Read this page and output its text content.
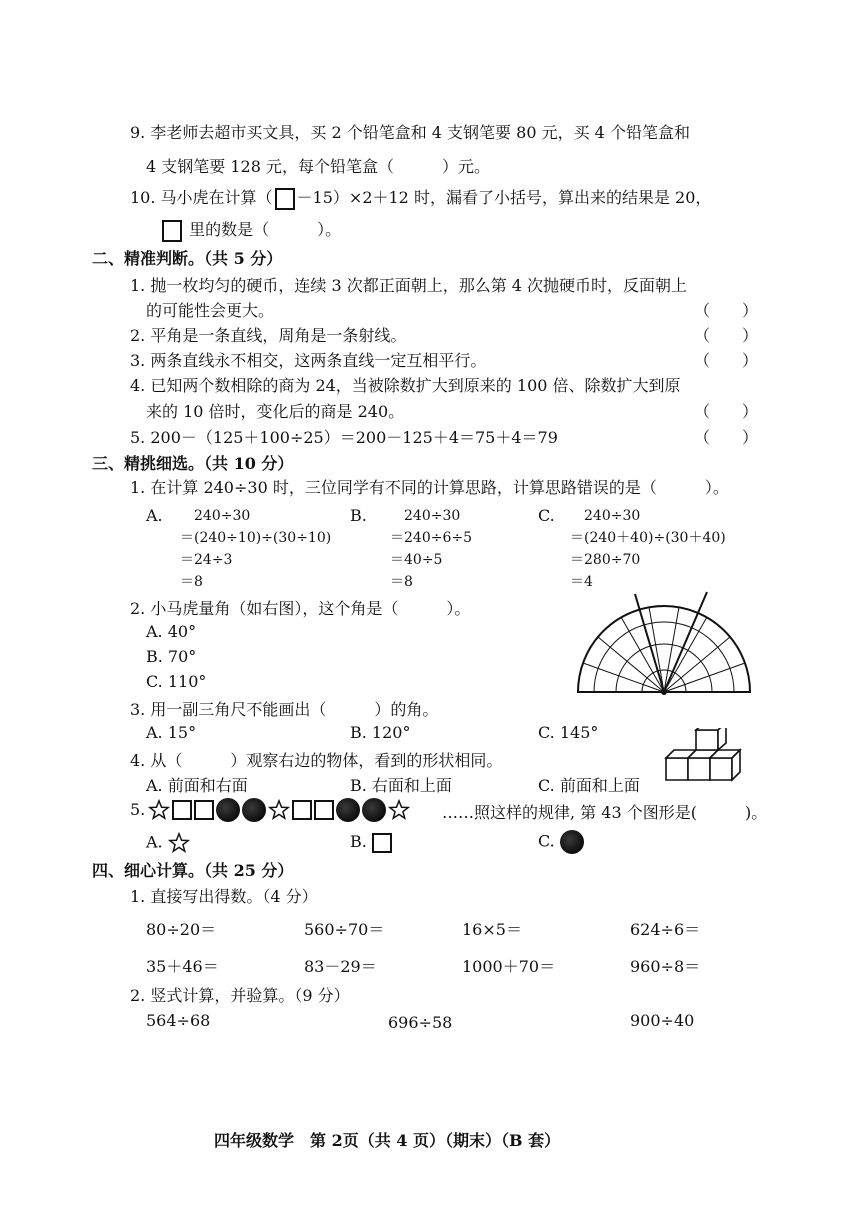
9. 李老师去超市买文具，买 2 个铅笔盒和 4 支钢笔要 80 元，买 4 个铅笔盒和
4 支钢笔要 128 元，每个铅笔盒（　　　）元。
10. 马小虎在计算（ －15）×2＋12 时，漏看了小括号，算出来的结果是 20，
里的数是（　　　）。
二、精准判断。（共 5 分）
1. 抛一枚均匀的硬币，连续 3 次都正面朝上，那么第 4 次抛硬币时，反面朝上
的可能性会更大。	（　　）
2. 平角是一条直线，周角是一条射线。	（　　）
3. 两条直线永不相交，这两条直线一定互相平行。	（　　）
4. 已知两个数相除的商为 24，当被除数扩大到原来的 100 倍、除数扩大到原
来的 10 倍时，变化后的商是 240。	（　　）
5. 200－（125＋100÷25）＝200－125＋4＝75＋4＝79	（　　）
三、精挑细选。（共 10 分）
1. 在计算 240÷30 时，三位同学有不同的计算思路，计算思路错误的是（　　　）。
A.	240÷30
＝(240÷10)÷(30÷10)
＝24÷3
＝8
B.	240÷30
＝240÷6÷5
＝40÷5
＝8
C.	240÷30
＝(240＋40)÷(30＋40)
＝280÷70
＝4
2. 小马虎量角（如右图），这个角是（　　　）。
A. 40°
B. 70°
C. 110°
3. 用一副三角尺不能画出（　　　）的角。
A. 15°	B. 120°	C. 145°
4. 从（　　　）观察右边的物体，看到的形状相同。
A. 前面和右面	B. 右面和上面	C. 前面和上面
5.	……照这样的规律, 第 43 个图形是(　　　)。
A.	B.	C.
四、细心计算。（共 25 分）
1. 直接写出得数。（4 分）
80÷20＝	560÷70＝	16×5＝	624÷6＝
35＋46＝	83－29＝	1000＋70＝	960÷8＝
2. 竖式计算，并验算。（9 分）
564÷68	696÷58	900÷40
四年级数学　第 2页（共 4 页）（期末）（B 套）
